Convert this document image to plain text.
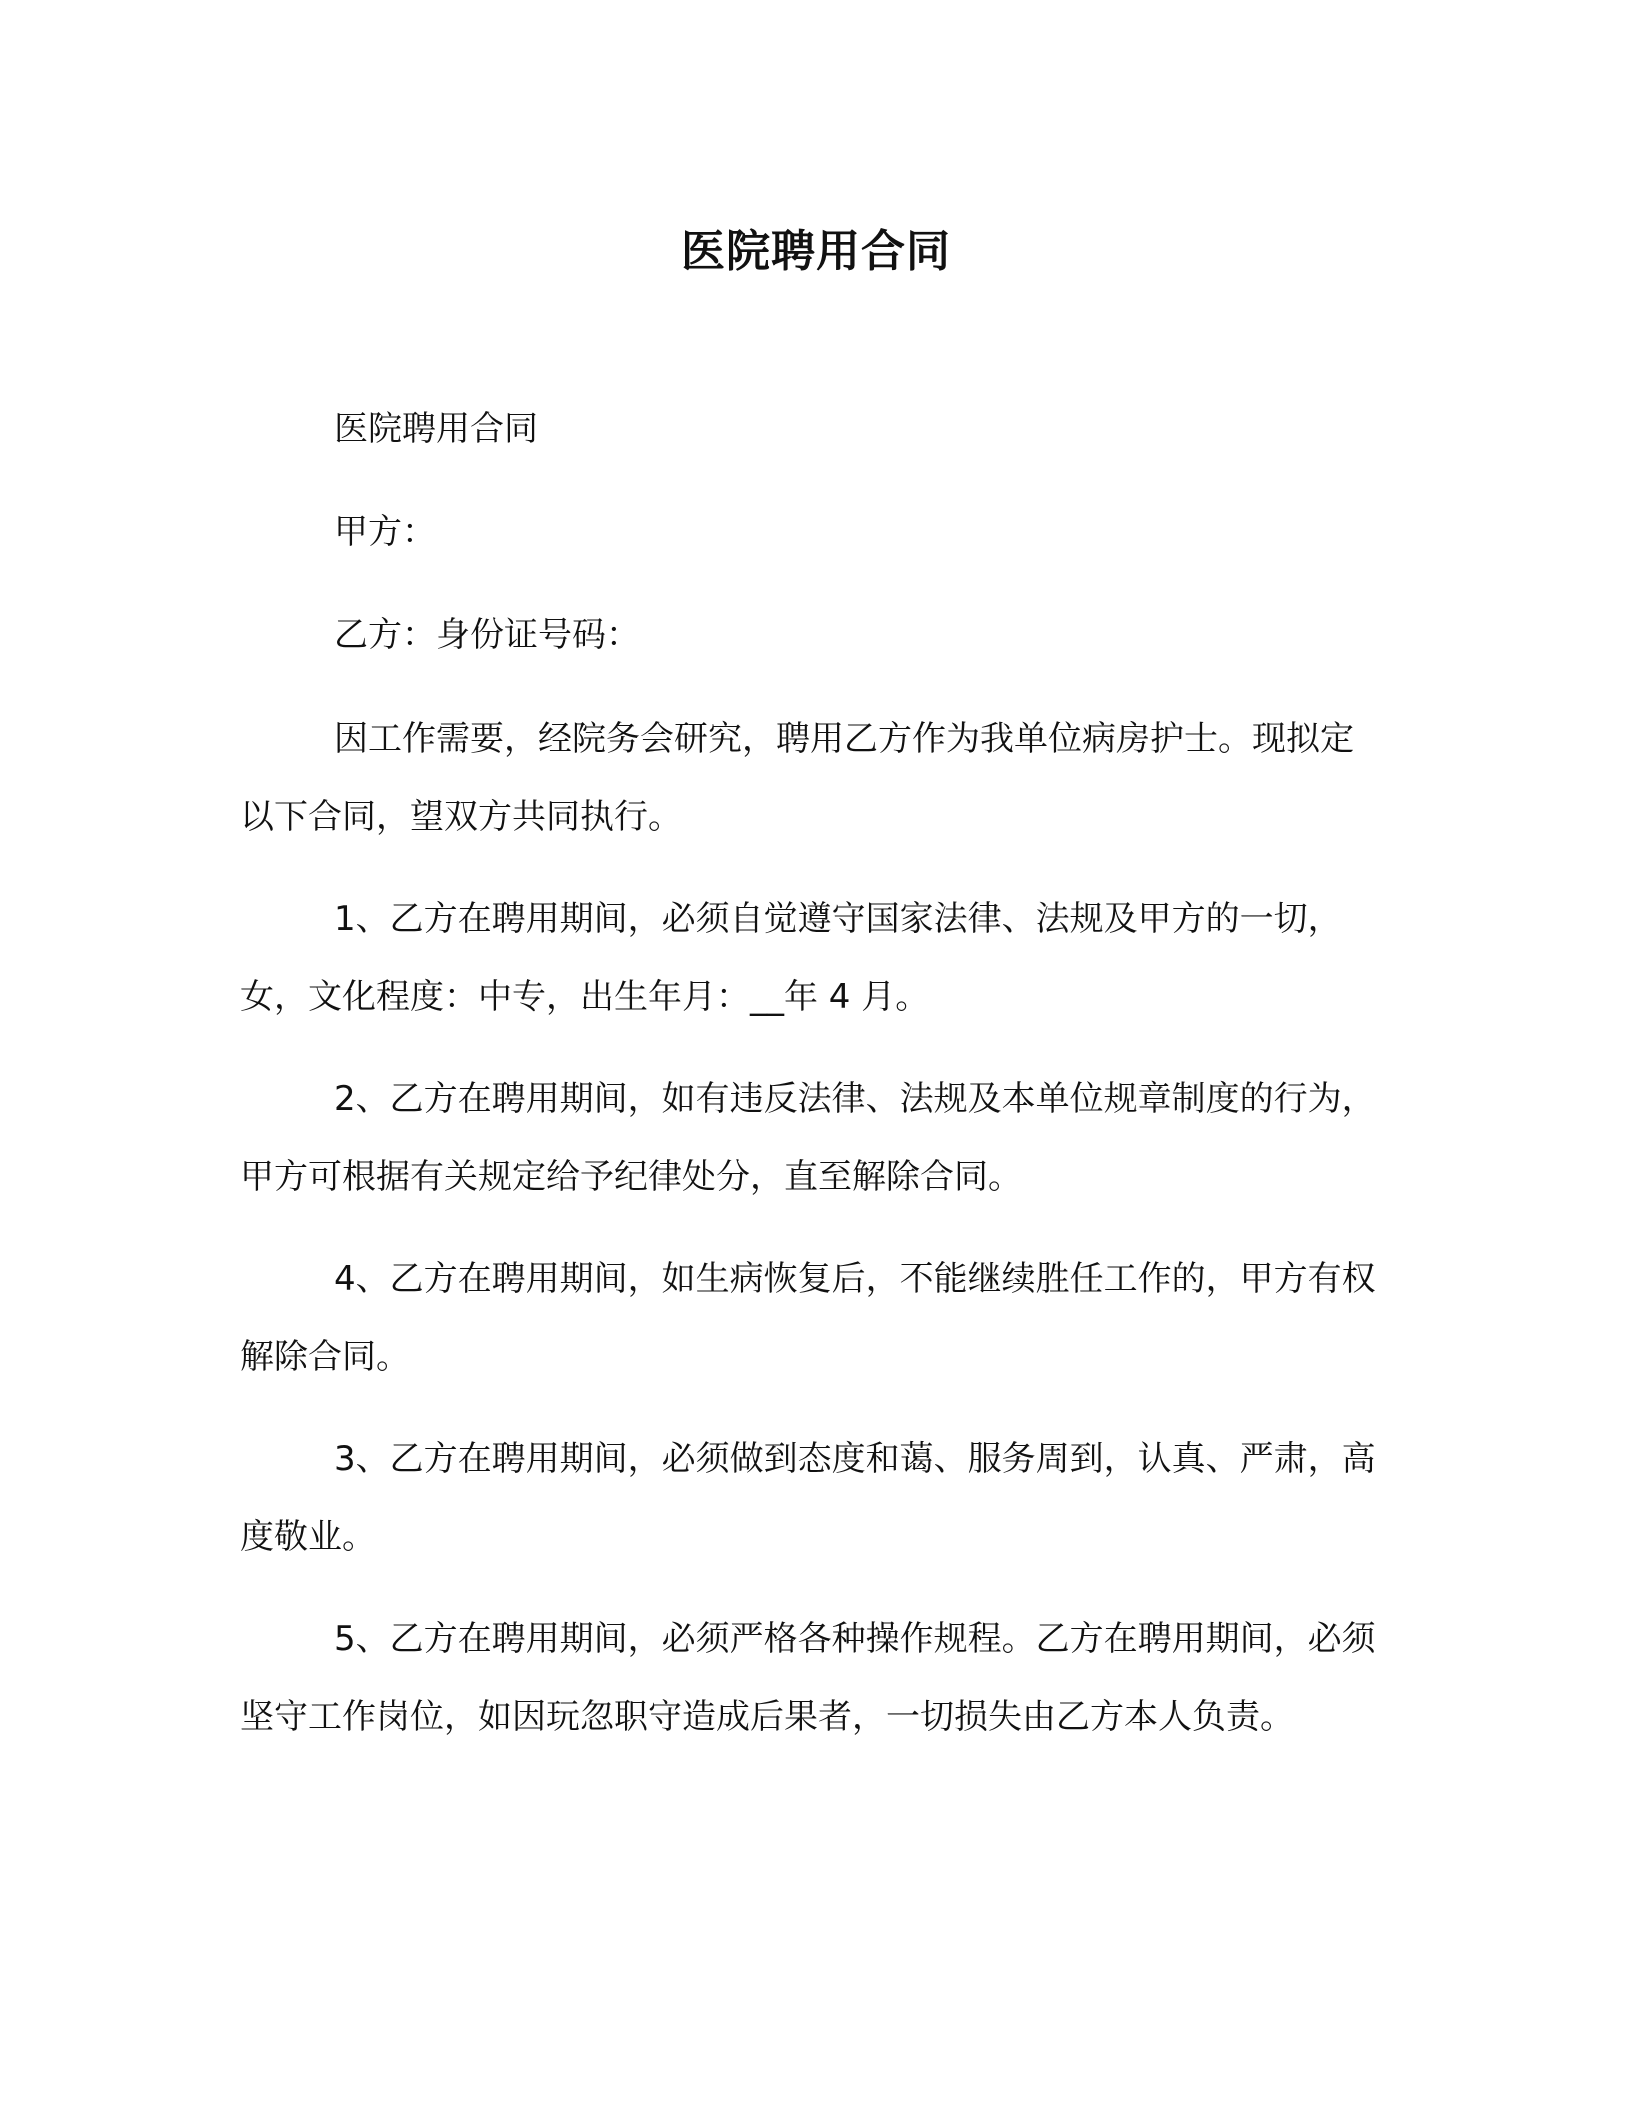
医院聘用合同

医院聘用合同

甲方：

乙方：身份证号码：

因工作需要，经院务会研究，聘用乙方作为我单位病房护士。现拟定以下合同，望双方共同执行。

1、乙方在聘用期间，必须自觉遵守国家法律、法规及甲方的一切，女，文化程度：中专，出生年月：__年 4 月。

2、乙方在聘用期间，如有违反法律、法规及本单位规章制度的行为，甲方可根据有关规定给予纪律处分，直至解除合同。

4、乙方在聘用期间，如生病恢复后，不能继续胜任工作的，甲方有权解除合同。

3、乙方在聘用期间，必须做到态度和蔼、服务周到，认真、严肃，高度敬业。

5、乙方在聘用期间，必须严格各种操作规程。乙方在聘用期间，必须坚守工作岗位，如因玩忽职守造成后果者，一切损失由乙方本人负责。
